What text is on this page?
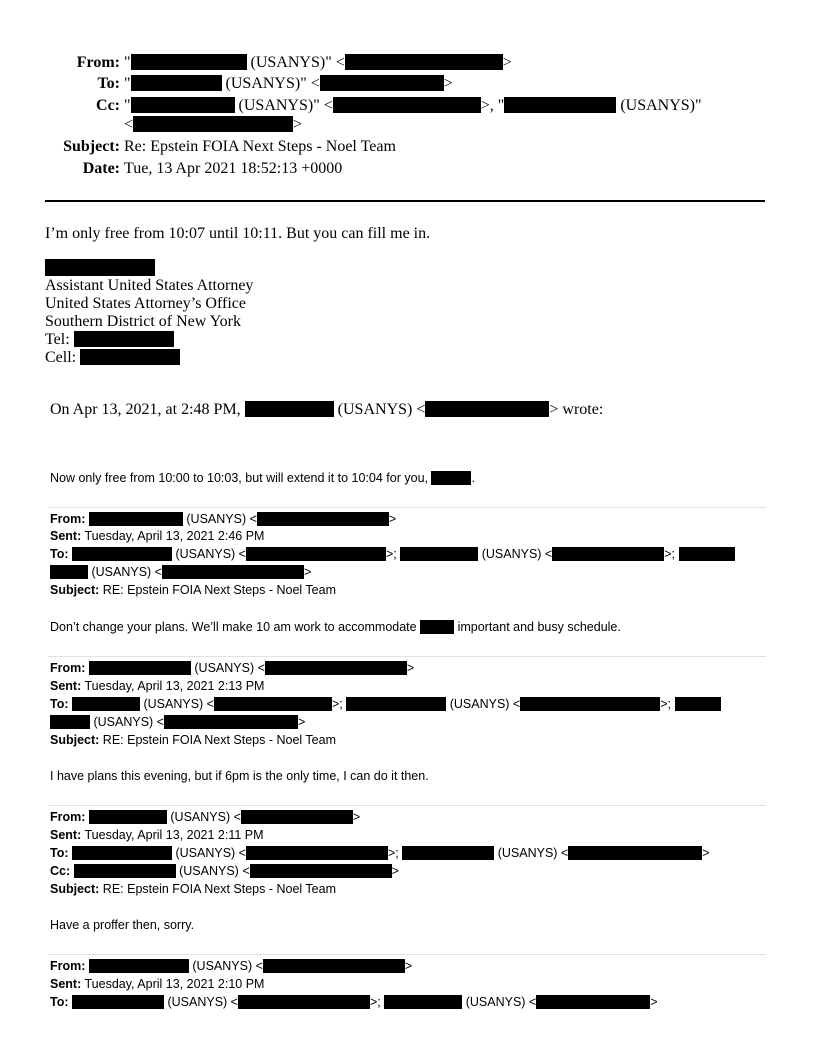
From: "	(USANYS)" <	>
To: "	(USANYS)" <	>
Cc: "	(USANYS)" <	>, "	(USANYS)"
<	>
Subject: Re: Epstein FOIA Next Steps - Noel Team
Date: Tue, 13 Apr 2021 18:52:13 +0000
I’m only free from 10:07 until 10:11. But you can fill me in.
Assistant United States Attorney
United States Attorney’s Office
Southern District of New York
Tel:
Cell:
On Apr 13, 2021, at 2:48 PM,	(USANYS) <	> wrote:
Now only free from 10:00 to 10:03, but will extend it to 10:04 for you,	.
From:	(USANYS) <	>
Sent: Tuesday, April 13, 2021 2:46 PM
To:	(USANYS) <	>;	(USANYS) <	>;
(USANYS) <	>
Subject: RE: Epstein FOIA Next Steps - Noel Team
Don’t change your plans. We’ll make 10 am work to accommodate	important and busy schedule.
From:	(USANYS) <	>
Sent: Tuesday, April 13, 2021 2:13 PM
To:	(USANYS) <	>;	(USANYS) <	>;
(USANYS) <	>
Subject: RE: Epstein FOIA Next Steps - Noel Team
I have plans this evening, but if 6pm is the only time, I can do it then.
From:	(USANYS) <	>
Sent: Tuesday, April 13, 2021 2:11 PM
To:	(USANYS) <	>;	(USANYS) <	>
Cc:	(USANYS) <	>
Subject: RE: Epstein FOIA Next Steps - Noel Team
Have a proffer then, sorry.
From:	(USANYS) <	>
Sent: Tuesday, April 13, 2021 2:10 PM
To:	(USANYS) <	>;	(USANYS) <	>
